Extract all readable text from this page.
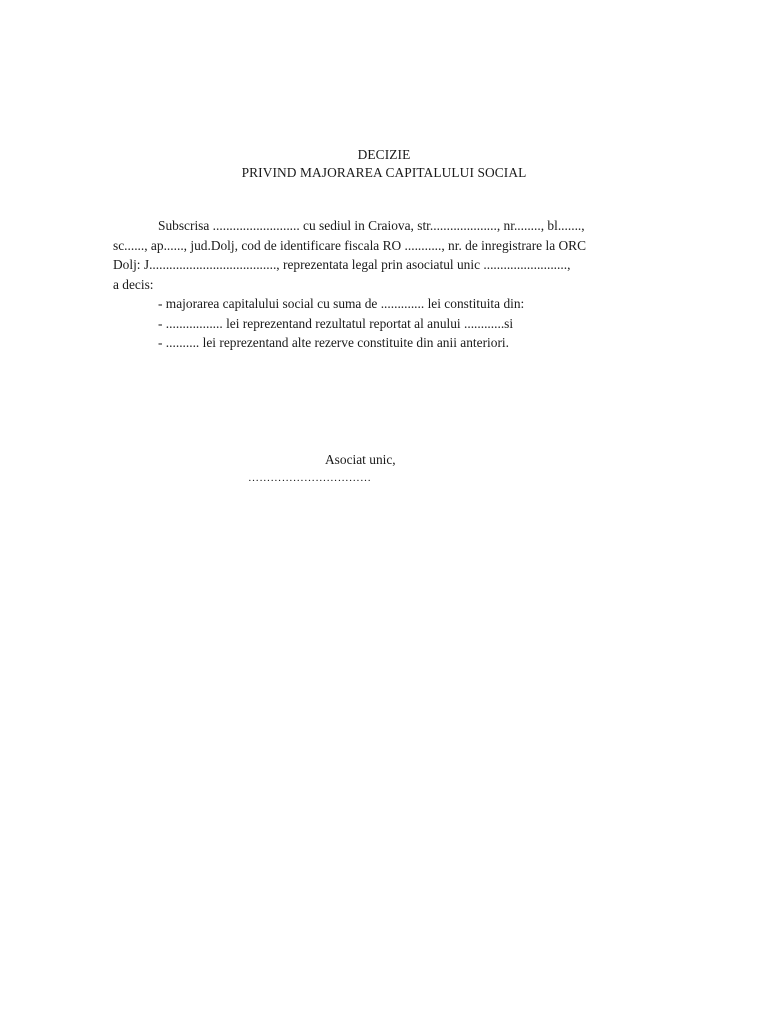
DECIZIE
PRIVIND MAJORAREA CAPITALULUI SOCIAL
Subscrisa .......................... cu sediul in Craiova, str...................., nr........, bl.......,
sc......, ap......, jud.Dolj, cod de identificare fiscala RO ..........., nr. de inregistrare la ORC
Dolj: J......................................, reprezentata legal prin asociatul unic .........................,
a decis:
- majorarea capitalului social cu suma de ............. lei constituita din:
- ................. lei reprezentand rezultatul reportat al anului ............si
- .......... lei reprezentand alte rezerve constituite din anii anteriori.
Asociat unic,
……………………………
